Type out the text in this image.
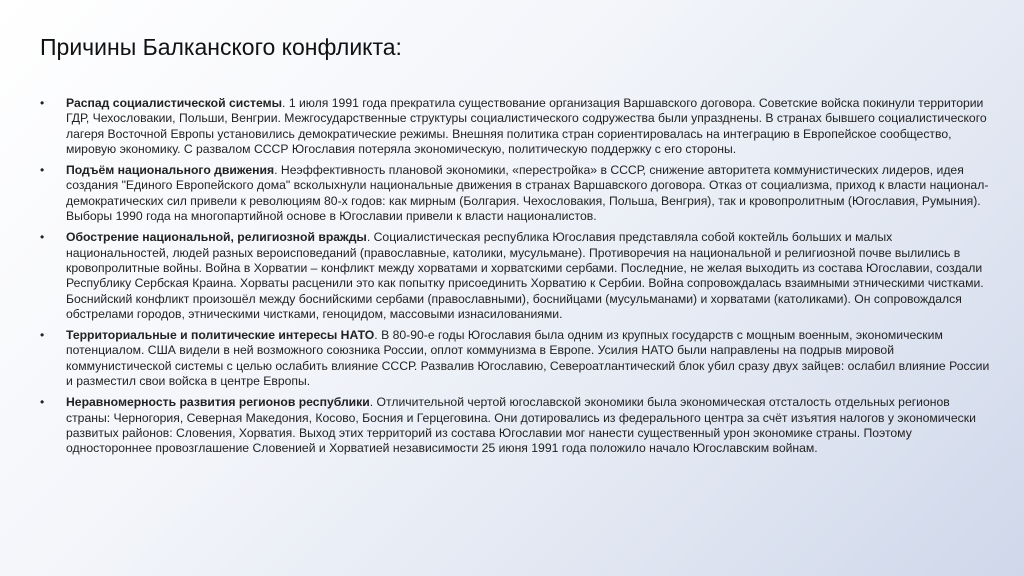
Причины Балканского конфликта:
• Распад социалистической системы. 1 июля 1991 года прекратила существование организация Варшавского договора. Советские войска покинули территории ГДР, Чехословакии, Польши, Венгрии. Межгосударственные структуры социалистического содружества были упразднены. В странах бывшего социалистического лагеря Восточной Европы установились демократические режимы. Внешняя политика стран сориентировалась на интеграцию в Европейское сообщество, мировую экономику. С развалом СССР Югославия потеряла экономическую, политическую поддержку с его стороны.
• Подъём национального движения. Неэффективность плановой экономики, «перестройка» в СССР, снижение авторитета коммунистических лидеров, идея создания "Единого Европейского дома" всколыхнули национальные движения в странах Варшавского договора. Отказ от социализма, приход к власти национал-демократических сил привели к революциям 80-х годов: как мирным (Болгария. Чехословакия, Польша, Венгрия), так и кровопролитным (Югославия, Румыния). Выборы 1990 года на многопартийной основе в Югославии привели к власти националистов.
• Обострение национальной, религиозной вражды. Социалистическая республика Югославия представляла собой коктейль больших и малых национальностей, людей разных вероисповеданий (православные, католики, мусульмане). Противоречия на национальной и религиозной почве вылились в кровопролитные войны. Война в Хорватии – конфликт между хорватами и хорватскими сербами. Последние, не желая выходить из состава Югославии, создали Республику Сербская Краина. Хорваты расценили это как попытку присоединить Хорватию к Сербии. Война сопровождалась взаимными этническими чистками. Боснийский конфликт произошёл между боснийскими сербами (православными), боснийцами (мусульманами) и хорватами (католиками). Он сопровождался обстрелами городов, этническими чистками, геноцидом, массовыми изнасилованиями.
• Территориальные и политические интересы НАТО. В 80-90-е годы Югославия была одним из крупных государств с мощным военным, экономическим потенциалом. США видели в ней возможного союзника России, оплот коммунизма в Европе. Усилия НАТО были направлены на подрыв мировой коммунистической системы с целью ослабить влияние СССР. Развалив Югославию, Североатлантический блок убил сразу двух зайцев: ослабил влияние России и разместил свои войска в центре Европы.
• Неравномерность развития регионов республики. Отличительной чертой югославской экономики была экономическая отсталость отдельных регионов страны: Черногория, Северная Македония, Косово, Босния и Герцеговина. Они дотировались из федерального центра за счёт изъятия налогов у экономически развитых районов: Словения, Хорватия. Выход этих территорий из состава Югославии мог нанести существенный урон экономике страны. Поэтому одностороннее провозглашение Словенией и Хорватией независимости 25 июня 1991 года положило начало Югославским войнам.
